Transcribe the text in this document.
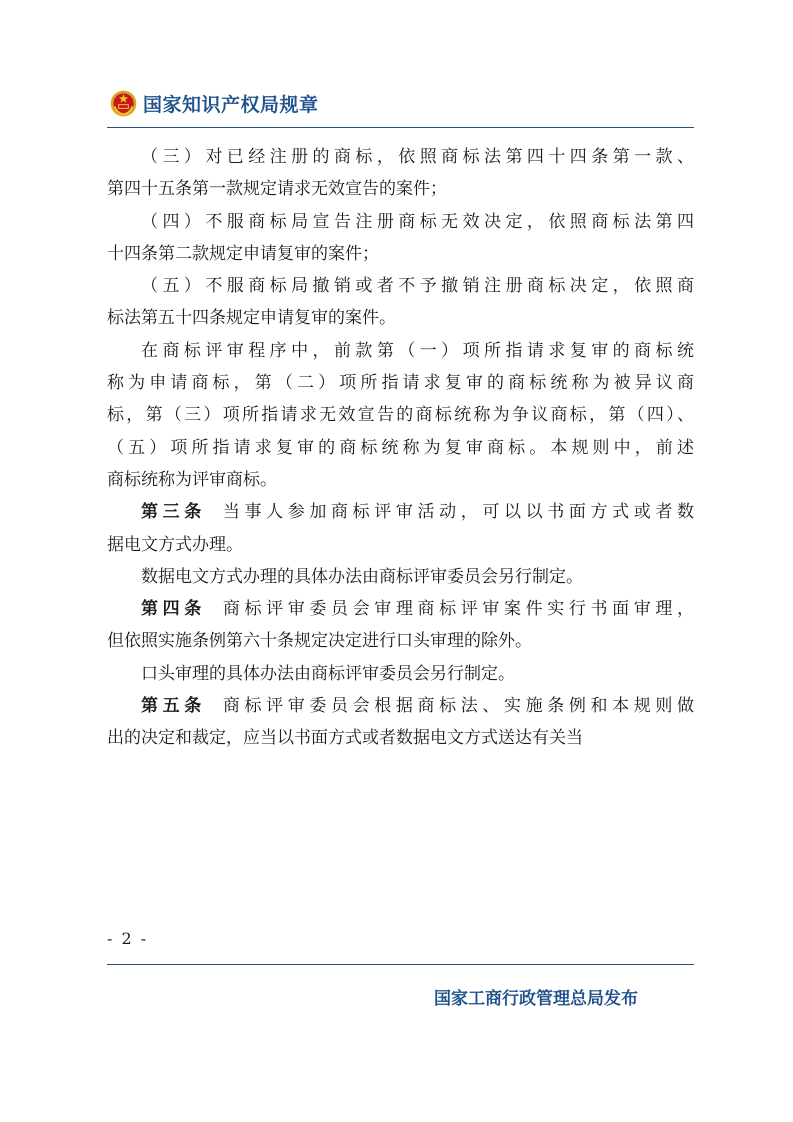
国家知识产权局规章

（三）对已经注册的商标，依照商标法第四十四条第一款、

第四十五条第一款规定请求无效宣告的案件；

（四）不服商标局宣告注册商标无效决定，依照商标法第四

十四条第二款规定申请复审的案件；

（五）不服商标局撤销或者不予撤销注册商标决定，依照商

标法第五十四条规定申请复审的案件。

在商标评审程序中，前款第（一）项所指请求复审的商标统

称为申请商标，第（二）项所指请求复审的商标统称为被异议商

标，第（三）项所指请求无效宣告的商标统称为争议商标，第（四）、

（五）项所指请求复审的商标统称为复审商标。本规则中，前述

商标统称为评审商标。

第三条 当事人参加商标评审活动，可以以书面方式或者数

据电文方式办理。

数据电文方式办理的具体办法由商标评审委员会另行制定。

第四条 商标评审委员会审理商标评审案件实行书面审理，

但依照实施条例第六十条规定决定进行口头审理的除外。

口头审理的具体办法由商标评审委员会另行制定。

第五条 商标评审委员会根据商标法、实施条例和本规则做

出的决定和裁定，应当以书面方式或者数据电文方式送达有关当

- 2 -
国家工商行政管理总局发布
